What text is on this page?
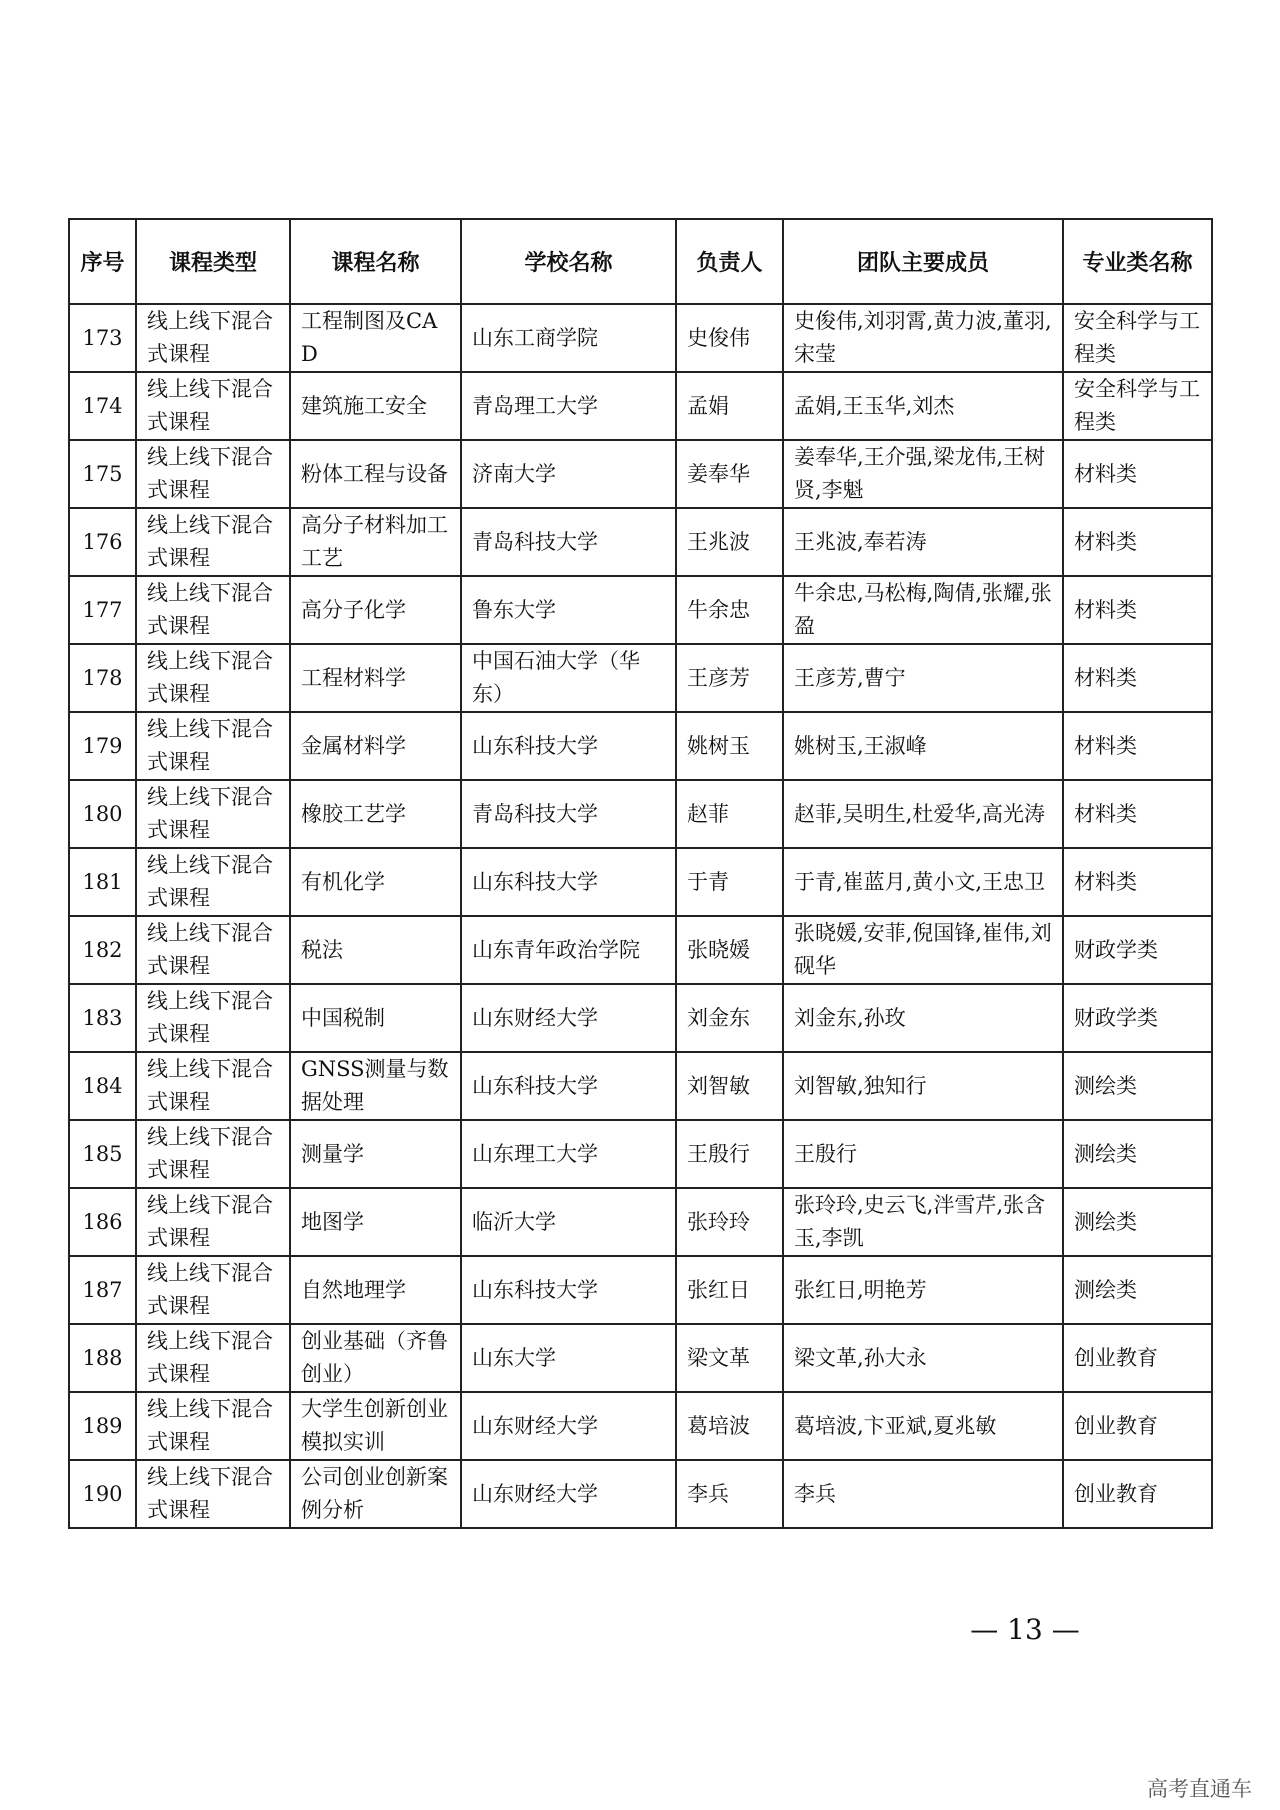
序号	课程类型	课程名称	学校名称	负责人	团队主要成员	专业类名称
173	线上线下混合式课程	工程制图及CAD	山东工商学院	史俊伟	史俊伟,刘羽霄,黄力波,董羽,宋莹	安全科学与工程类
174	线上线下混合式课程	建筑施工安全	青岛理工大学	孟娟	孟娟,王玉华,刘杰	安全科学与工程类
175	线上线下混合式课程	粉体工程与设备	济南大学	姜奉华	姜奉华,王介强,梁龙伟,王树贤,李魁	材料类
176	线上线下混合式课程	高分子材料加工工艺	青岛科技大学	王兆波	王兆波,奉若涛	材料类
177	线上线下混合式课程	高分子化学	鲁东大学	牛余忠	牛余忠,马松梅,陶倩,张耀,张盈	材料类
178	线上线下混合式课程	工程材料学	中国石油大学（华东）	王彦芳	王彦芳,曹宁	材料类
179	线上线下混合式课程	金属材料学	山东科技大学	姚树玉	姚树玉,王淑峰	材料类
180	线上线下混合式课程	橡胶工艺学	青岛科技大学	赵菲	赵菲,吴明生,杜爱华,高光涛	材料类
181	线上线下混合式课程	有机化学	山东科技大学	于青	于青,崔蓝月,黄小文,王忠卫	材料类
182	线上线下混合式课程	税法	山东青年政治学院	张晓媛	张晓媛,安菲,倪国锋,崔伟,刘砚华	财政学类
183	线上线下混合式课程	中国税制	山东财经大学	刘金东	刘金东,孙玫	财政学类
184	线上线下混合式课程	GNSS测量与数据处理	山东科技大学	刘智敏	刘智敏,独知行	测绘类
185	线上线下混合式课程	测量学	山东理工大学	王殷行	王殷行	测绘类
186	线上线下混合式课程	地图学	临沂大学	张玲玲	张玲玲,史云飞,泮雪芹,张含玉,李凯	测绘类
187	线上线下混合式课程	自然地理学	山东科技大学	张红日	张红日,明艳芳	测绘类
188	线上线下混合式课程	创业基础（齐鲁创业）	山东大学	梁文革	梁文革,孙大永	创业教育
189	线上线下混合式课程	大学生创新创业模拟实训	山东财经大学	葛培波	葛培波,卞亚斌,夏兆敏	创业教育
190	线上线下混合式课程	公司创业创新案例分析	山东财经大学	李兵	李兵	创业教育
— 13 —
高考直通车
